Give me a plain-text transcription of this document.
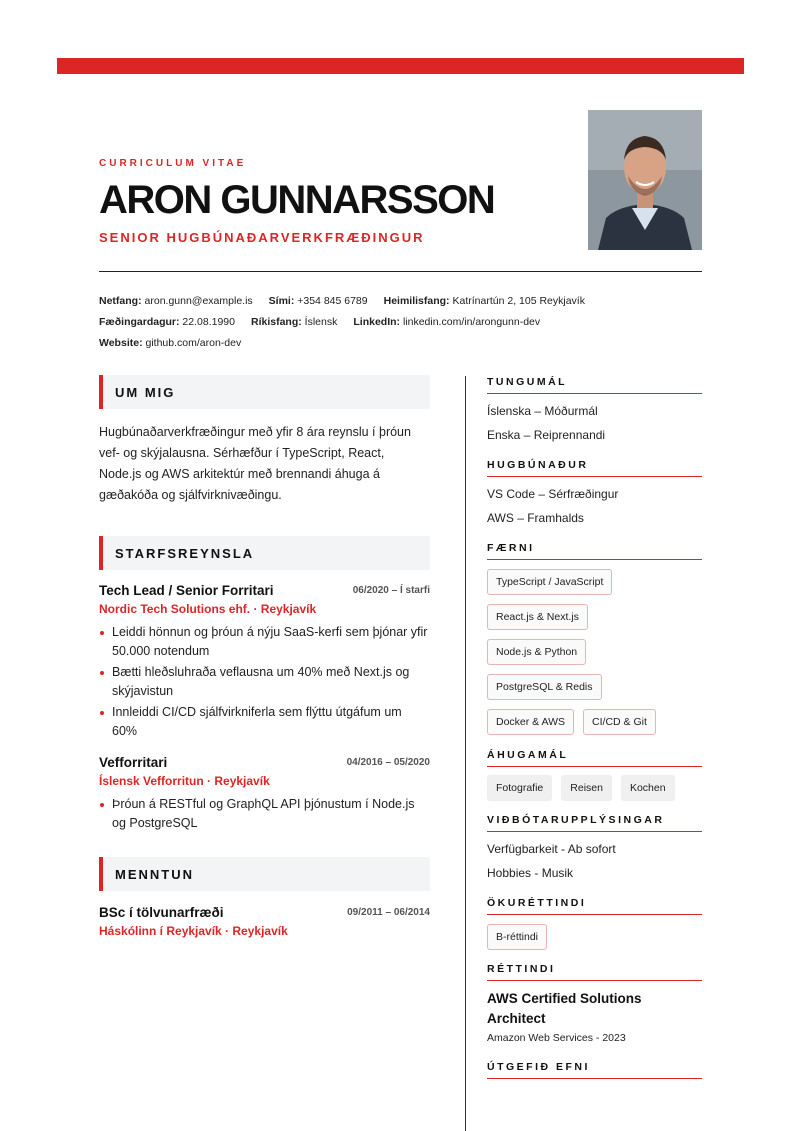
CURRICULUM VITAE
ARON GUNNARSSON
SENIOR HUGBÚNAÐARVERKFRÆÐINGUR
Netfang: aron.gunn@example.is Sími: +354 845 6789 Heimilisfang: Katrínartún 2, 105 Reykjavík
Fæðingardagur: 22.08.1990 Ríkisfang: Íslensk LinkedIn: linkedin.com/in/arongunn-dev
Website: github.com/aron-dev
UM MIG

Hugbúnaðarverkfræðingur með yfir 8 ára reynslu í þróun vef- og skýjalausna. Sérhæfður í TypeScript, React, Node.js og AWS arkitektúr með brennandi áhuga á gæðakóða og sjálfvirknivæðingu.

STARFSREYNSLA
Tech Lead / Senior Forritari	06/2020 – Í starfi
Nordic Tech Solutions ehf. · Reykjavík
Leiddi hönnun og þróun á nýju SaaS-kerfi sem þjónar yfir 50.000 notendum
Bætti hleðsluhraða veflausna um 40% með Next.js og skýjavistun
Innleiddi CI/CD sjálfvirkniferla sem flýttu útgáfum um 60%
Vefforritari	04/2016 – 05/2020
Íslensk Vefforritun · Reykjavík
Þróun á RESTful og GraphQL API þjónustum í Node.js og PostgreSQL
MENNTUN
BSc í tölvunarfræði	09/2011 – 06/2014
Háskólinn í Reykjavík · Reykjavík
TUNGUMÁL
Íslenska – Móðurmál
Enska – Reiprennandi
HUGBÚNAÐUR
VS Code – Sérfræðingur
AWS – Framhalds
FÆRNI
TypeScript / JavaScript
React.js & Next.js
Node.js & Python
PostgreSQL & Redis
Docker & AWS	CI/CD & Git
ÁHUGAMÁL
Fotografie	Reisen	Kochen
VIÐBÓTARUPPLÝSINGAR
Verfügbarkeit - Ab sofort
Hobbies - Musik
ÖKURÉTTINDI
B-réttindi
RÉTTINDI
AWS Certified Solutions Architect
Amazon Web Services - 2023
ÚTGEFIÐ EFNI
